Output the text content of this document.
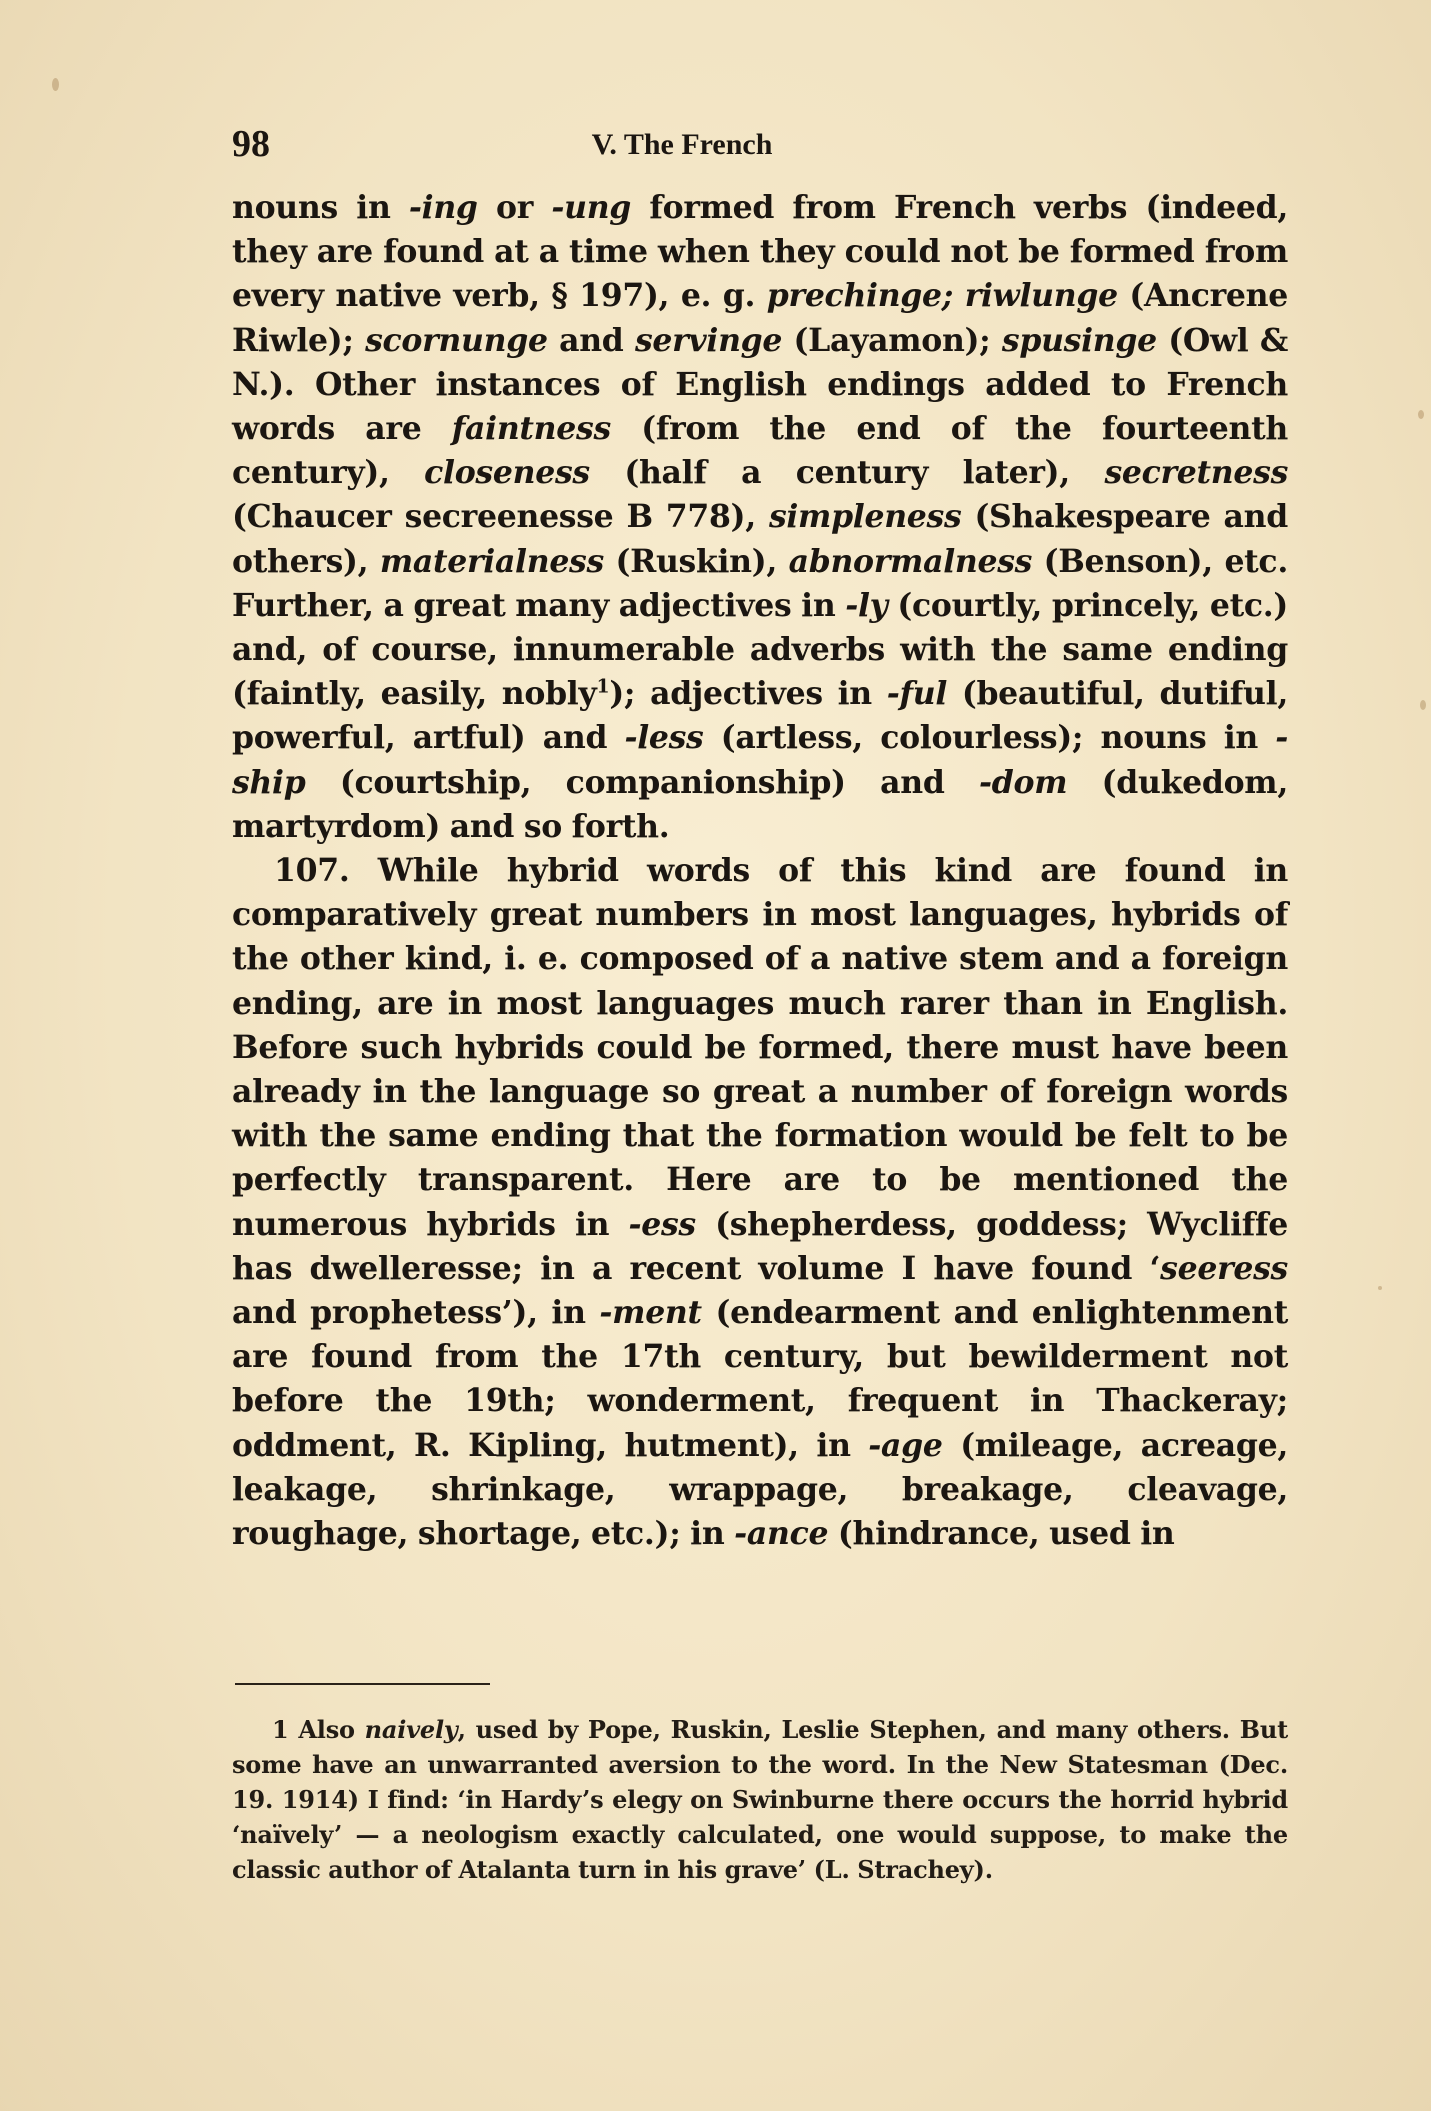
98	V. The French

nouns in -ing or -ung formed from French verbs (indeed, they are found at a time when they could not be formed from every native verb, § 197), e. g. prechinge; riwlunge (Ancrene Riwle); scornunge and servinge (Layamon); spusinge (Owl & N.). Other instances of English endings added to French words are faintness (from the end of the fourteenth century), closeness (half a century later), secretness (Chaucer secreenesse B 778), simpleness (Shakespeare and others), materialness (Ruskin), abnormalness (Benson), etc. Further, a great many adjectives in -ly (courtly, princely, etc.) and, of course, innumerable adverbs with the same ending (faintly, easily, nobly$^1$); adjectives in -ful (beautiful, dutiful, powerful, artful) and -less (artless, colourless); nouns in -ship (courtship, companionship) and -dom (dukedom, martyrdom) and so forth.

107. While hybrid words of this kind are found in comparatively great numbers in most languages, hybrids of the other kind, i. e. composed of a native stem and a foreign ending, are in most languages much rarer than in English. Before such hybrids could be formed, there must have been already in the language so great a number of foreign words with the same ending that the formation would be felt to be perfectly transparent. Here are to be mentioned the numerous hybrids in -ess (shepherdess, goddess; Wycliffe has dwelleresse; in a recent volume I have found ‘seeress and prophetess’), in -ment (endearment and enlightenment are found from the 17th century, but bewilderment not before the 19th; wonderment, frequent in Thackeray; oddment, R. Kipling, hutment), in -age (mileage, acreage, leakage, shrinkage, wrappage, breakage, cleavage, roughage, shortage, etc.); in -ance (hindrance, used in

1 Also naively, used by Pope, Ruskin, Leslie Stephen, and many others. But some have an unwarranted aversion to the word. In the New Statesman (Dec. 19. 1914) I find: ‘in Hardy’s elegy on Swinburne there occurs the horrid hybrid ‘naïvely’ — a neologism exactly calculated, one would suppose, to make the classic author of Atalanta turn in his grave’ (L. Strachey).
